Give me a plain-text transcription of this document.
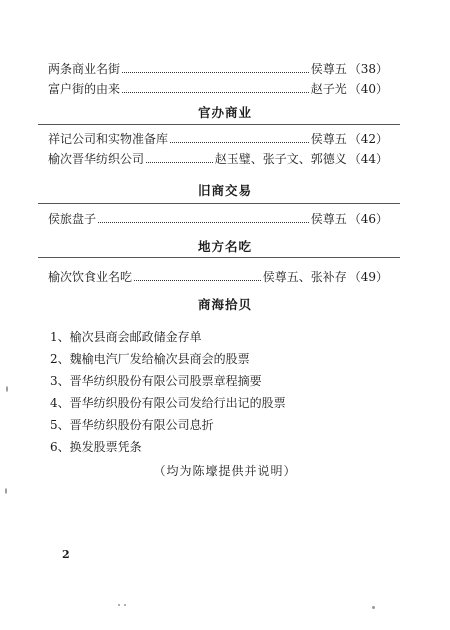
两条商业名街	侯尊五 （38）
富户街的由来	赵子光 （40）
官办商业
祥记公司和实物准备库	侯尊五 （42）
榆次晋华纺织公司	赵玉璧、张子文、郭德义 （44）
旧商交易
侯旅盘子	侯尊五 （46）
地方名吃
榆次饮食业名吃	侯尊五、张补存 （49）
商海拾贝
1、榆次县商会邮政储金存单
2、魏榆电汽厂发给榆次县商会的股票
3、晋华纺织股份有限公司股票章程摘要
4、晋华纺织股份有限公司发给行出记的股票
5、晋华纺织股份有限公司息折
6、换发股票凭条
（均为陈壕提供并说明）
2
